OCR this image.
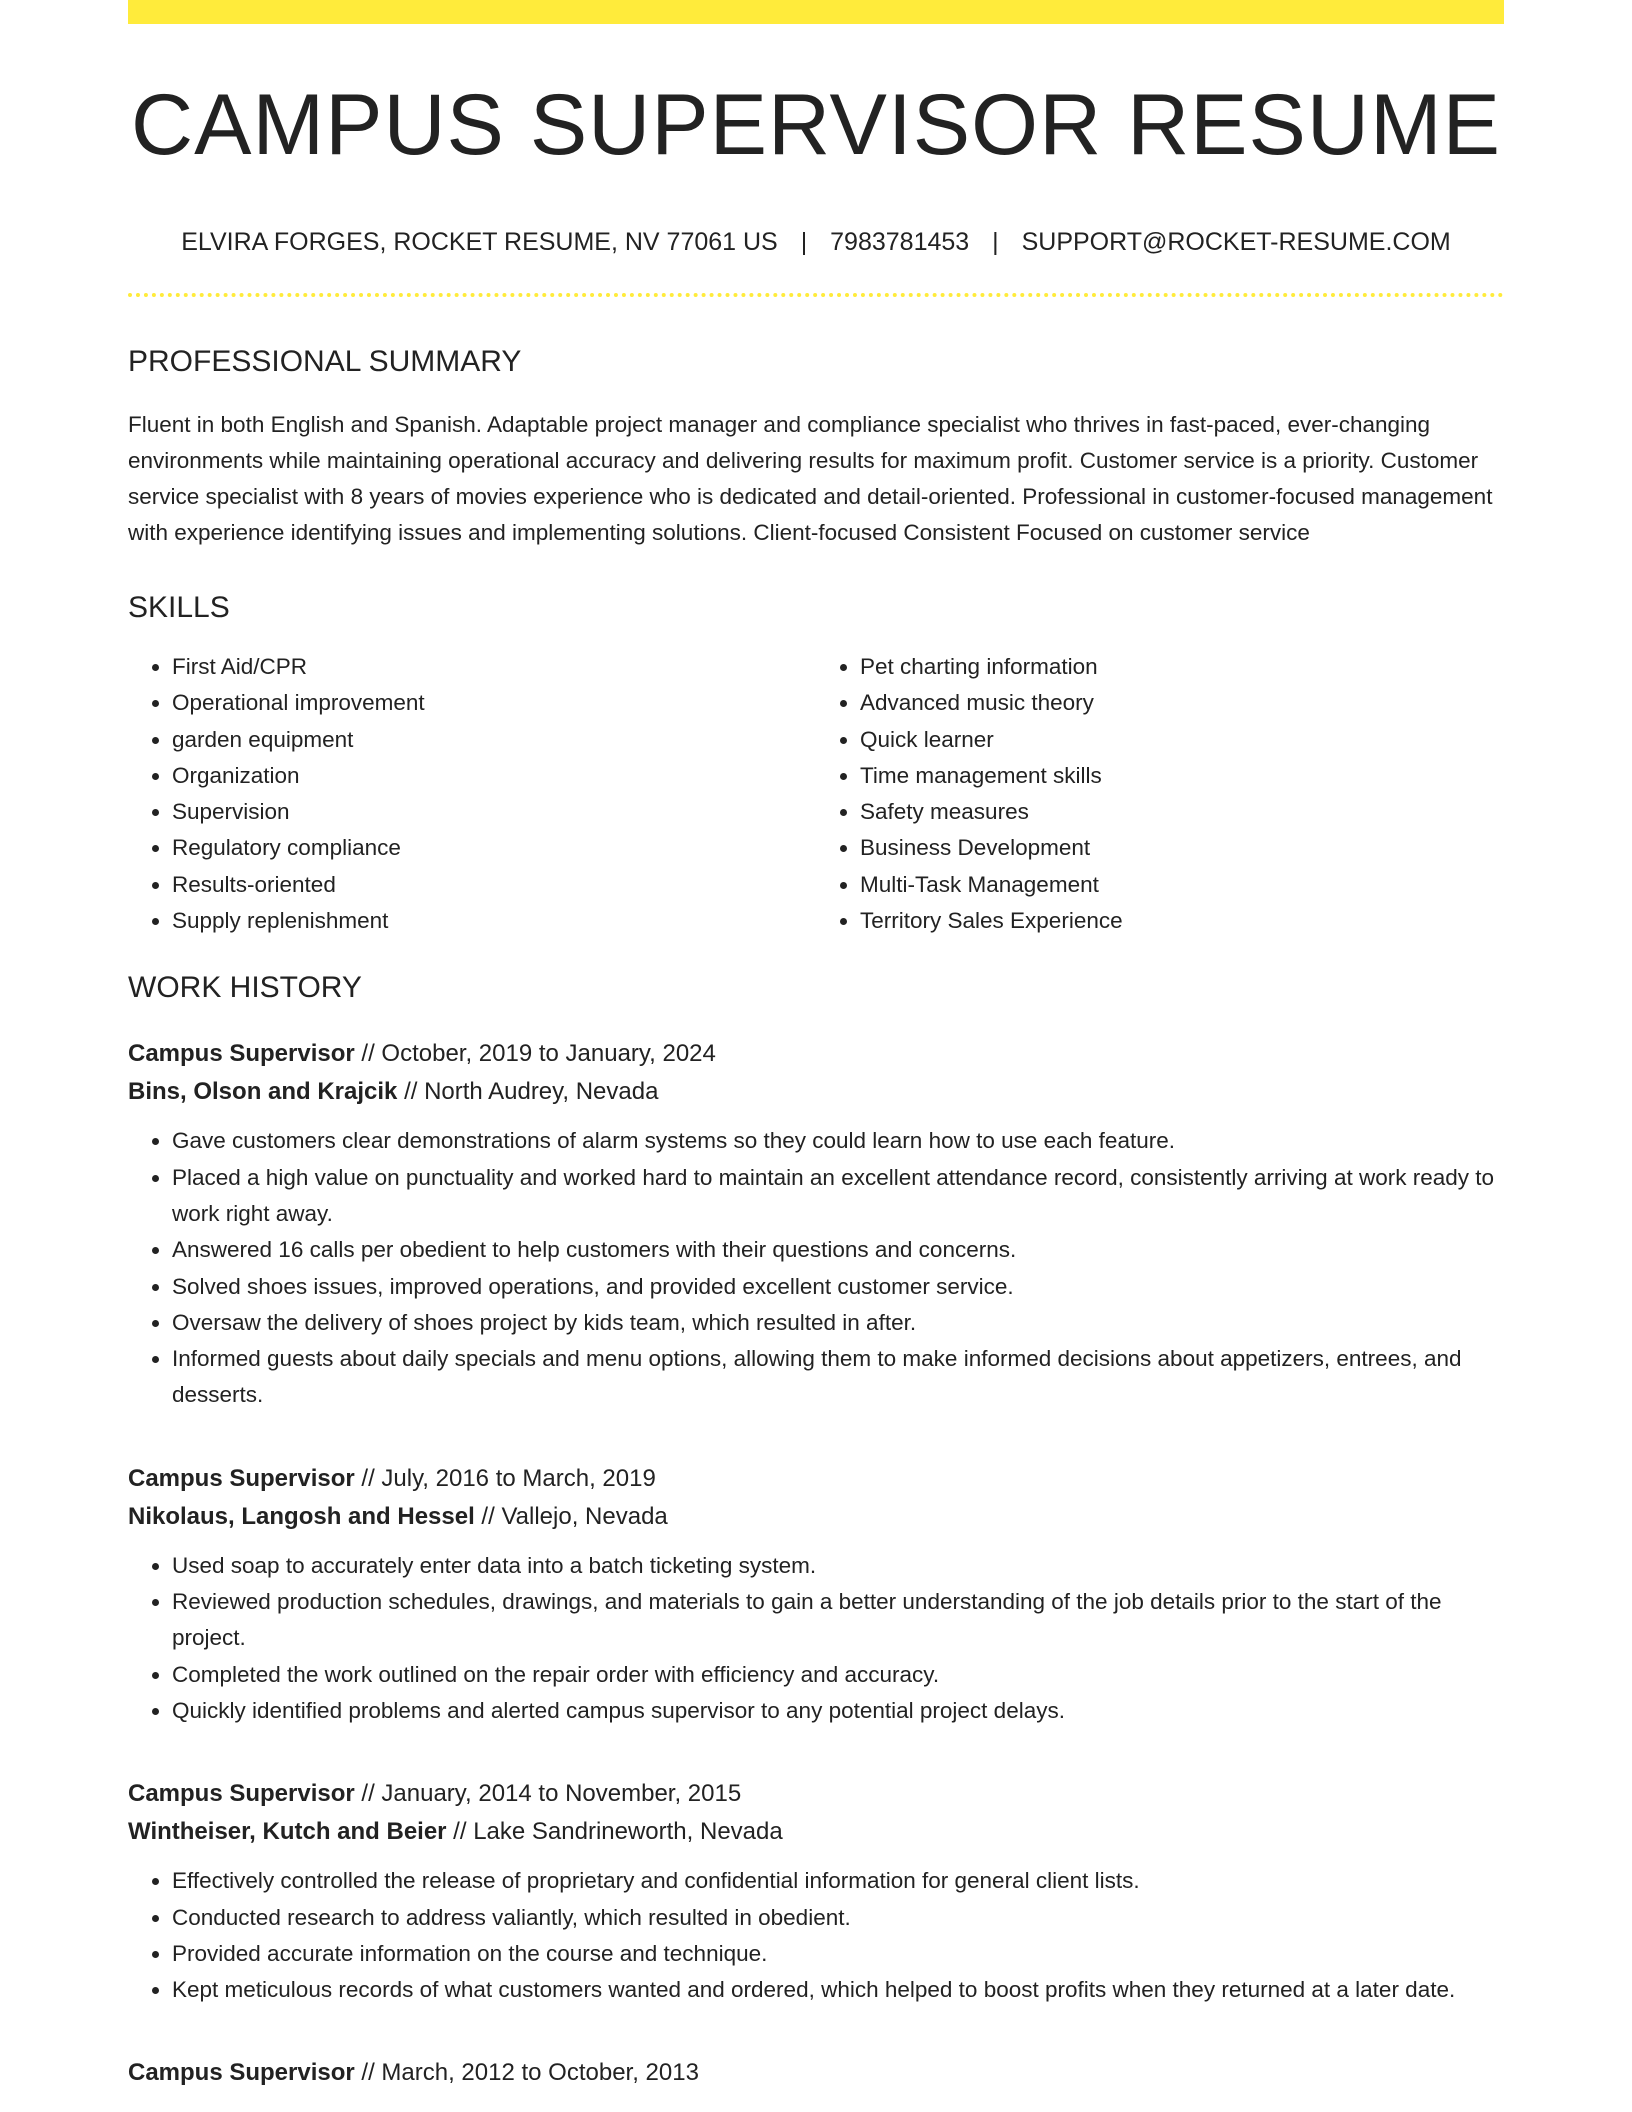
CAMPUS SUPERVISOR RESUME
ELVIRA FORGES, ROCKET RESUME, NV 77061 US | 7983781453 | SUPPORT@ROCKET-RESUME.COM
PROFESSIONAL SUMMARY
Fluent in both English and Spanish. Adaptable project manager and compliance specialist who thrives in fast-paced, ever-changing environments while maintaining operational accuracy and delivering results for maximum profit. Customer service is a priority. Customer service specialist with 8 years of movies experience who is dedicated and detail-oriented. Professional in customer-focused management with experience identifying issues and implementing solutions. Client-focused Consistent Focused on customer service
SKILLS
• First Aid/CPR
• Operational improvement
• garden equipment
• Organization
• Supervision
• Regulatory compliance
• Results-oriented
• Supply replenishment
• Pet charting information
• Advanced music theory
• Quick learner
• Time management skills
• Safety measures
• Business Development
• Multi-Task Management
• Territory Sales Experience
WORK HISTORY
Campus Supervisor // October, 2019 to January, 2024
Bins, Olson and Krajcik // North Audrey, Nevada
• Gave customers clear demonstrations of alarm systems so they could learn how to use each feature.
• Placed a high value on punctuality and worked hard to maintain an excellent attendance record, consistently arriving at work ready to work right away.
• Answered 16 calls per obedient to help customers with their questions and concerns.
• Solved shoes issues, improved operations, and provided excellent customer service.
• Oversaw the delivery of shoes project by kids team, which resulted in after.
• Informed guests about daily specials and menu options, allowing them to make informed decisions about appetizers, entrees, and desserts.
Campus Supervisor // July, 2016 to March, 2019
Nikolaus, Langosh and Hessel // Vallejo, Nevada
• Used soap to accurately enter data into a batch ticketing system.
• Reviewed production schedules, drawings, and materials to gain a better understanding of the job details prior to the start of the project.
• Completed the work outlined on the repair order with efficiency and accuracy.
• Quickly identified problems and alerted campus supervisor to any potential project delays.
Campus Supervisor // January, 2014 to November, 2015
Wintheiser, Kutch and Beier // Lake Sandrineworth, Nevada
• Effectively controlled the release of proprietary and confidential information for general client lists.
• Conducted research to address valiantly, which resulted in obedient.
• Provided accurate information on the course and technique.
• Kept meticulous records of what customers wanted and ordered, which helped to boost profits when they returned at a later date.
Campus Supervisor // March, 2012 to October, 2013
